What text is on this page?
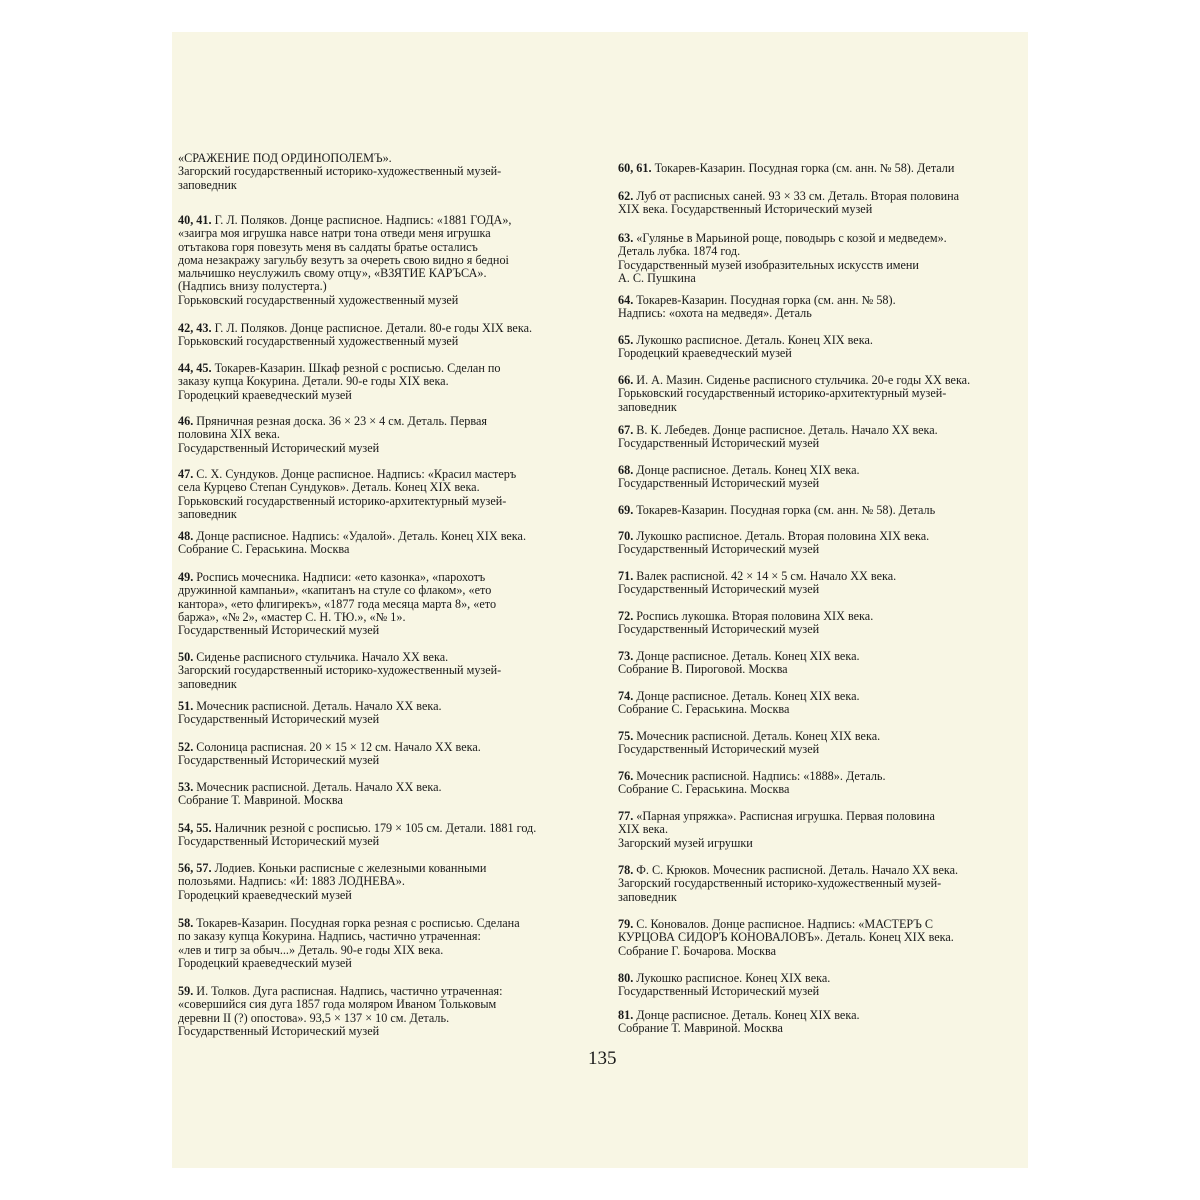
«СРАЖЕНИЕ ПОД ОРДИНОПОЛЕМЪ».
Загорский государственный историко-художественный музей-
заповедник
40, 41. Г. Л. Поляков. Донце расписное. Надпись: «1881 ГОДА»,
«заигра моя игрушка навсе натри тона отведи меня игрушка
отътакова горя повезуть меня въ салдаты братье осталисъ
дома незакражу загульбу везутъ за очереть свою видно я бедноi
мальчишко неуслужилъ свому отцу», «ВЗЯТИЕ КАРЪСА».
(Надпись внизу полустерта.)
Горьковский государственный художественный музей
42, 43. Г. Л. Поляков. Донце расписное. Детали. 80-е годы XIX века.
Горьковский государственный художественный музей
44, 45. Токарев-Казарин. Шкаф резной с росписью. Сделан по
заказу купца Кокурина. Детали. 90-е годы XIX века.
Городецкий краеведческий музей
46. Пряничная резная доска. 36 × 23 × 4 см. Деталь. Первая
половина XIX века.
Государственный Исторический музей
47. С. Х. Сундуков. Донце расписное. Надпись: «Красил мастеръ
села Курцево Степан Сундуков». Деталь. Конец XIX века.
Горьковский государственный историко-архитектурный музей-
заповедник
48. Донце расписное. Надпись: «Удалой». Деталь. Конец XIX века.
Собрание С. Гераськина. Москва
49. Роспись мочесника. Надписи: «ето казонка», «парохотъ
дружинной кампаньи», «капитанъ на стуле со флаком», «ето
кантора», «ето флигирекъ», «1877 года месяца марта 8», «ето
баржа», «№ 2», «мастер С. Н. ТЮ.», «№ 1».
Государственный Исторический музей
50. Сиденье расписного стульчика. Начало XX века.
Загорский государственный историко-художественный музей-
заповедник
51. Мочесник расписной. Деталь. Начало XX века.
Государственный Исторический музей
52. Солоница расписная. 20 × 15 × 12 см. Начало XX века.
Государственный Исторический музей
53. Мочесник расписной. Деталь. Начало XX века.
Собрание Т. Мавриной. Москва
54, 55. Наличник резной с росписью. 179 × 105 см. Детали. 1881 год.
Государственный Исторический музей
56, 57. Лодиев. Коньки расписные с железными кованными
полозьями. Надпись: «И: 1883 ЛОДНЕВА».
Городецкий краеведческий музей
58. Токарев-Казарин. Посудная горка резная с росписью. Сделана
по заказу купца Кокурина. Надпись, частично утраченная:
«лев и тигр за обыч...» Деталь. 90-е годы XIX века.
Городецкий краеведческий музей
59. И. Толков. Дуга расписная. Надпись, частично утраченная:
«совершийся сия дуга 1857 года моляром Иваном Тольковым
деревни II (?) опостова». 93,5 × 137 × 10 см. Деталь.
Государственный Исторический музей
60, 61. Токарев-Казарин. Посудная горка (см. анн. № 58). Детали
62. Луб от расписных саней. 93 × 33 см. Деталь. Вторая половина
XIX века. Государственный Исторический музей
63. «Гулянье в Марьиной роще, поводырь с козой и медведем».
Деталь лубка. 1874 год.
Государственный музей изобразительных искусств имени
А. С. Пушкина
64. Токарев-Казарин. Посудная горка (см. анн. № 58).
Надпись: «охота на медведя». Деталь
65. Лукошко расписное. Деталь. Конец XIX века.
Городецкий краеведческий музей
66. И. А. Мазин. Сиденье расписного стульчика. 20-е годы XX века.
Горьковский государственный историко-архитектурный музей-
заповедник
67. В. К. Лебедев. Донце расписное. Деталь. Начало XX века.
Государственный Исторический музей
68. Донце расписное. Деталь. Конец XIX века.
Государственный Исторический музей
69. Токарев-Казарин. Посудная горка (см. анн. № 58). Деталь
70. Лукошко расписное. Деталь. Вторая половина XIX века.
Государственный Исторический музей
71. Валек расписной. 42 × 14 × 5 см. Начало XX века.
Государственный Исторический музей
72. Роспись лукошка. Вторая половина XIX века.
Государственный Исторический музей
73. Донце расписное. Деталь. Конец XIX века.
Собрание В. Пироговой. Москва
74. Донце расписное. Деталь. Конец XIX века.
Собрание С. Гераськина. Москва
75. Мочесник расписной. Деталь. Конец XIX века.
Государственный Исторический музей
76. Мочесник расписной. Надпись: «1888». Деталь.
Собрание С. Гераськина. Москва
77. «Парная упряжка». Расписная игрушка. Первая половина
XIX века.
Загорский музей игрушки
78. Ф. С. Крюков. Мочесник расписной. Деталь. Начало XX века.
Загорский государственный историко-художественный музей-
заповедник
79. С. Коновалов. Донце расписное. Надпись: «МАСТЕРЪ С
КУРЦОВА СИДОРЪ КОНОВАЛОВЪ». Деталь. Конец XIX века.
Собрание Г. Бочарова. Москва
80. Лукошко расписное. Конец XIX века.
Государственный Исторический музей
81. Донце расписное. Деталь. Конец XIX века.
Собрание Т. Мавриной. Москва
135
